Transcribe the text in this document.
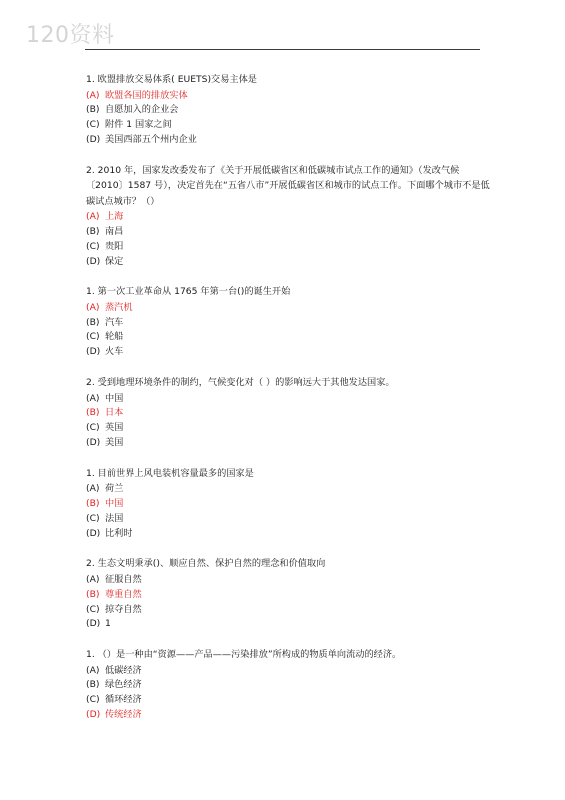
120资料
1. 欧盟排放交易体系( EUETS)交易主体是
(A) 欧盟各国的排放实体
(B) 自愿加入的企业会
(C) 附件 1 国家之间
(D) 美国西部五个州内企业
2. 2010 年，国家发改委发布了《关于开展低碳省区和低碳城市试点工作的通知》（发改气候〔2010〕1587 号），决定首先在“五省八市”开展低碳省区和城市的试点工作。下面哪个城市不是低碳试点城市？（）
(A) 上海
(B) 南昌
(C) 贵阳
(D) 保定
1. 第一次工业革命从 1765 年第一台()的诞生开始
(A) 蒸汽机
(B) 汽车
(C) 轮船
(D) 火车
2. 受到地理环境条件的制约，气候变化对（ ）的影响远大于其他发达国家。
(A) 中国
(B) 日本
(C) 英国
(D) 美国
1. 目前世界上风电装机容量最多的国家是
(A) 荷兰
(B) 中国
(C) 法国
(D) 比利时
2. 生态文明秉承()、顺应自然、保护自然的理念和价值取向
(A) 征服自然
(B) 尊重自然
(C) 掠夺自然
(D) 1
1. （）是一种由“资源——产品——污染排放”所构成的物质单向流动的经济。
(A) 低碳经济
(B) 绿色经济
(C) 循环经济
(D) 传统经济
